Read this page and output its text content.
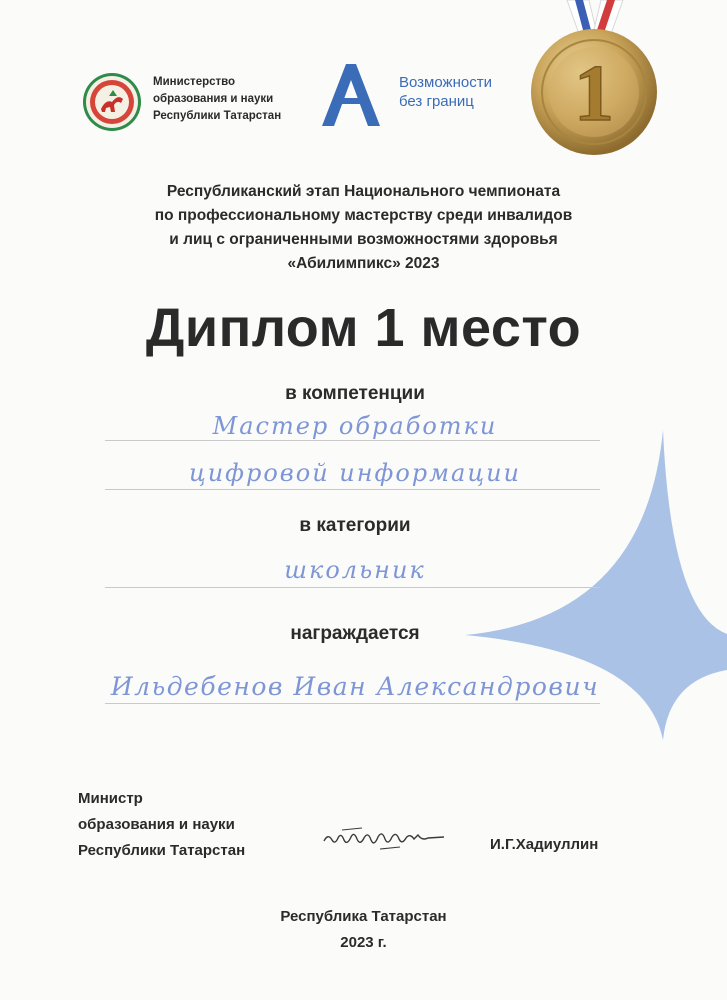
Министерство
образования и науки
Республики Татарстан
Возможности
без границ	1
Республиканский этап Национального чемпионата
по профессиональному мастерству среди инвалидов
и лиц с ограниченными возможностями здоровья
«Абилимпикс» 2023
Диплом 1 место
в компетенции
Мастер обработки
цифровой информации
в категории
школьник
награждается
Ильдебенов Иван Александрович
Министр
образования и науки
Республики Татарстан	И.Г.Хадиуллин
Республика Татарстан
2023 г.
